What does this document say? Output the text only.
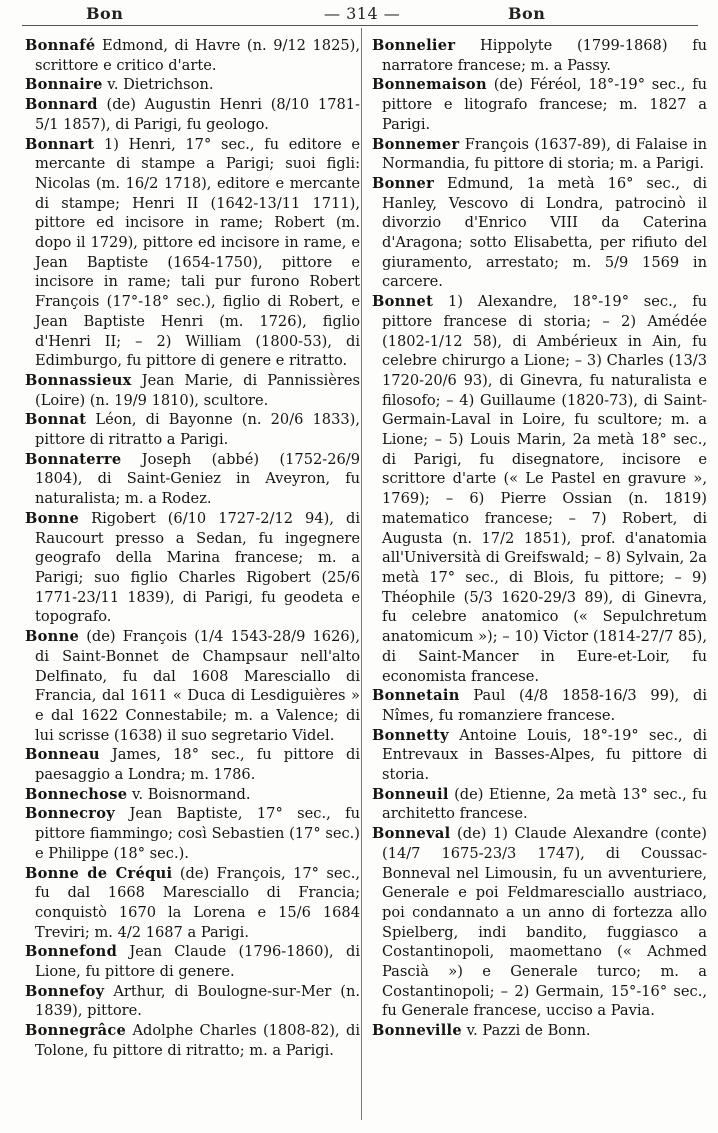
Bon	— 314 —	Bon

Bonnafé Edmond, di Havre (n. 9/12 1825), scrittore e critico d'arte.

Bonnaire v. Dietrichson.

Bonnard (de) Augustin Henri (8/10 1781-5/1 1857), di Parigi, fu geologo.

Bonnart 1) Henri, 17° sec., fu editore e mercante di stampe a Parigi; suoi figli: Nicolas (m. 16/2 1718), editore e mercante di stampe; Henri II (1642-13/11 1711), pittore ed incisore in rame; Robert (m. dopo il 1729), pittore ed incisore in rame, e Jean Baptiste (1654-1750), pittore e incisore in rame; tali pur furono Robert François (17°-18° sec.), figlio di Robert, e Jean Baptiste Henri (m. 1726), figlio d'Henri II; – 2) William (1800-53), di Edimburgo, fu pittore di genere e ritratto.

Bonnassieux Jean Marie, di Pannissières (Loire) (n. 19/9 1810), scultore.

Bonnat Léon, di Bayonne (n. 20/6 1833), pittore di ritratto a Parigi.

Bonnaterre Joseph (abbé) (1752-26/9 1804), di Saint-Geniez in Aveyron, fu naturalista; m. a Rodez.

Bonne Rigobert (6/10 1727-2/12 94), di Raucourt presso a Sedan, fu ingegnere geografo della Marina francese; m. a Parigi; suo figlio Charles Rigobert (25/6 1771-23/11 1839), di Parigi, fu geodeta e topografo.

Bonne (de) François (1/4 1543-28/9 1626), di Saint-Bonnet de Champsaur nell'alto Delfinato, fu dal 1608 Maresciallo di Francia, dal 1611 « Duca di Lesdiguières » e dal 1622 Connestabile; m. a Valence; di lui scrisse (1638) il suo segretario Videl.

Bonneau James, 18° sec., fu pittore di paesaggio a Londra; m. 1786.

Bonnechose v. Boisnormand.

Bonnecroy Jean Baptiste, 17° sec., fu pittore fiammingo; così Sebastien (17° sec.) e Philippe (18° sec.).

Bonne de Créqui (de) François, 17° sec., fu dal 1668 Maresciallo di Francia; conquistò 1670 la Lorena e 15/6 1684 Treviri; m. 4/2 1687 a Parigi.

Bonnefond Jean Claude (1796-1860), di Lione, fu pittore di genere.

Bonnefoy Arthur, di Boulogne-sur-Mer (n. 1839), pittore.

Bonnegrâce Adolphe Charles (1808-82), di Tolone, fu pittore di ritratto; m. a Parigi.

Bonnelier Hippolyte (1799-1868) fu narratore francese; m. a Passy.

Bonnemaison (de) Féréol, 18°-19° sec., fu pittore e litografo francese; m. 1827 a Parigi.

Bonnemer François (1637-89), di Falaise in Normandia, fu pittore di storia; m. a Parigi.

Bonner Edmund, 1a metà 16° sec., di Hanley, Vescovo di Londra, patrocinò il divorzio d'Enrico VIII da Caterina d'Aragona; sotto Elisabetta, per rifiuto del giuramento, arrestato; m. 5/9 1569 in carcere.

Bonnet 1) Alexandre, 18°-19° sec., fu pittore francese di storia; – 2) Amédée (1802-1/12 58), di Ambérieux in Ain, fu celebre chirurgo a Lione; – 3) Charles (13/3 1720-20/6 93), di Ginevra, fu naturalista e filosofo; – 4) Guillaume (1820-73), di Saint-Germain-Laval in Loire, fu scultore; m. a Lione; – 5) Louis Marin, 2a metà 18° sec., di Parigi, fu disegnatore, incisore e scrittore d'arte (« Le Pastel en gravure », 1769); – 6) Pierre Ossian (n. 1819) matematico francese; – 7) Robert, di Augusta (n. 17/2 1851), prof. d'anatomia all'Università di Greifswald; – 8) Sylvain, 2a metà 17° sec., di Blois, fu pittore; – 9) Théophile (5/3 1620-29/3 89), di Ginevra, fu celebre anatomico (« Sepulchretum anatomicum »); – 10) Victor (1814-27/7 85), di Saint-Mancer in Eure-et-Loir, fu economista francese.

Bonnetain Paul (4/8 1858-16/3 99), di Nîmes, fu romanziere francese.

Bonnetty Antoine Louis, 18°-19° sec., di Entrevaux in Basses-Alpes, fu pittore di storia.

Bonneuil (de) Etienne, 2a metà 13° sec., fu architetto francese.

Bonneval (de) 1) Claude Alexandre (conte) (14/7 1675-23/3 1747), di Coussac-Bonneval nel Limousin, fu un avventuriere, Generale e poi Feldmaresciallo austriaco, poi condannato a un anno di fortezza allo Spielberg, indi bandito, fuggiasco a Costantinopoli, maomettano (« Achmed Pascià ») e Generale turco; m. a Costantinopoli; – 2) Germain, 15°-16° sec., fu Generale francese, ucciso a Pavia.

Bonneville v. Pazzi de Bonn.
